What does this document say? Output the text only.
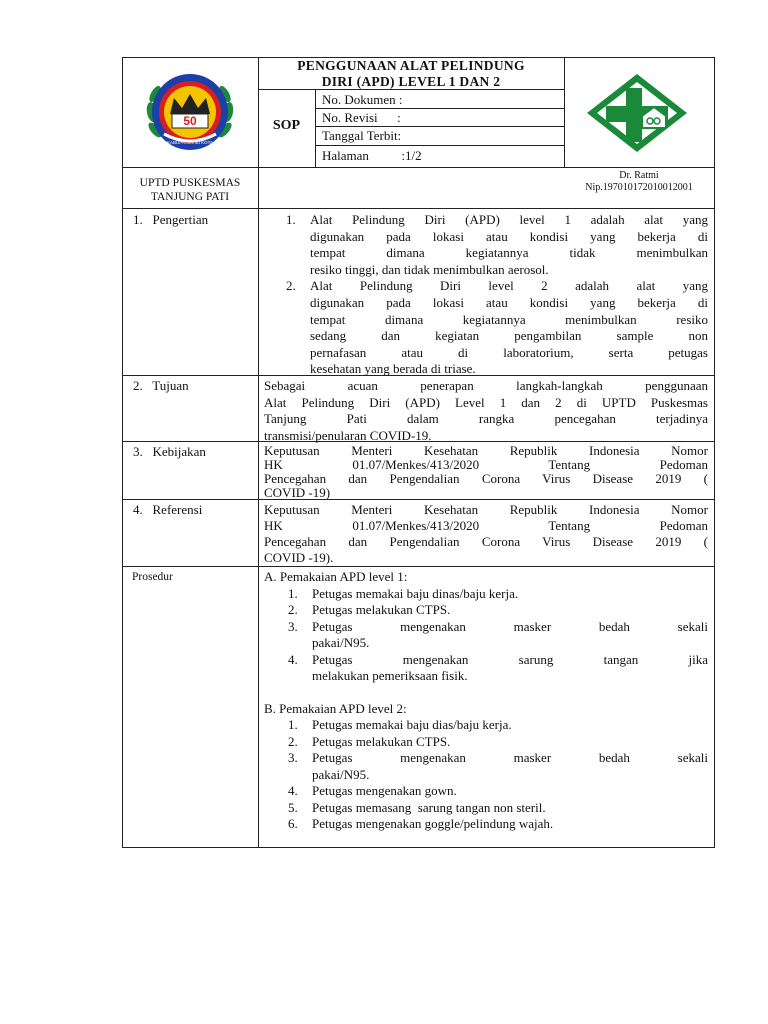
50
KABUPATEN 50 KOTA
PENGGUNAAN ALAT PELINDUNG
DIRI (APD) LEVEL 1 DAN 2
SOP
No. Dokumen :
No. Revisi      :
Tanggal Terbit:
Halaman          :1/2
UPTD PUSKESMAS
TANJUNG PATI
Dr. Ratmi
Nip.197010172010012001
1.   Pengertian
2.   Tujuan
3.   Kebijakan
4.   Referensi
Prosedur
1. Alat Pelindung Diri (APD) level 1 adalah alat yang
digunakan pada lokasi atau kondisi yang bekerja di
tempat dimana kegiatannya tidak menimbulkan
resiko tinggi, dan tidak menimbulkan aerosol.
2. Alat Pelindung Diri level 2 adalah alat yang
digunakan pada lokasi atau kondisi yang bekerja di
tempat dimana kegiatannya menimbulkan resiko
sedang dan kegiatan pengambilan sample non
pernafasan atau di laboratorium, serta petugas
kesehatan yang berada di triase.
Sebagai acuan penerapan langkah-langkah penggunaan
Alat Pelindung Diri (APD) Level 1 dan 2 di UPTD Puskesmas
Tanjung Pati dalam rangka pencegahan terjadinya
transmisi/penularan COVID-19.
Keputusan Menteri Kesehatan Republik Indonesia Nomor
HK 01.07/Menkes/413/2020 Tentang Pedoman
Pencegahan dan Pengendalian Corona Virus Disease 2019 (
COVID -19)
Keputusan Menteri Kesehatan Republik Indonesia Nomor
HK 01.07/Menkes/413/2020 Tentang Pedoman
Pencegahan dan Pengendalian Corona Virus Disease 2019 (
COVID -19).
A. Pemakaian APD level 1:
1. Petugas memakai baju dinas/baju kerja.
2. Petugas melakukan CTPS.
3. Petugas mengenakan masker bedah sekali
pakai/N95.
4. Petugas mengenakan sarung tangan jika
melakukan pemeriksaan fisik.
B. Pemakaian APD level 2:
1. Petugas memakai baju dias/baju kerja.
2. Petugas melakukan CTPS.
3. Petugas mengenakan masker bedah sekali
pakai/N95.
4. Petugas mengenakan gown.
5. Petugas memasang  sarung tangan non steril.
6. Petugas mengenakan goggle/pelindung wajah.
